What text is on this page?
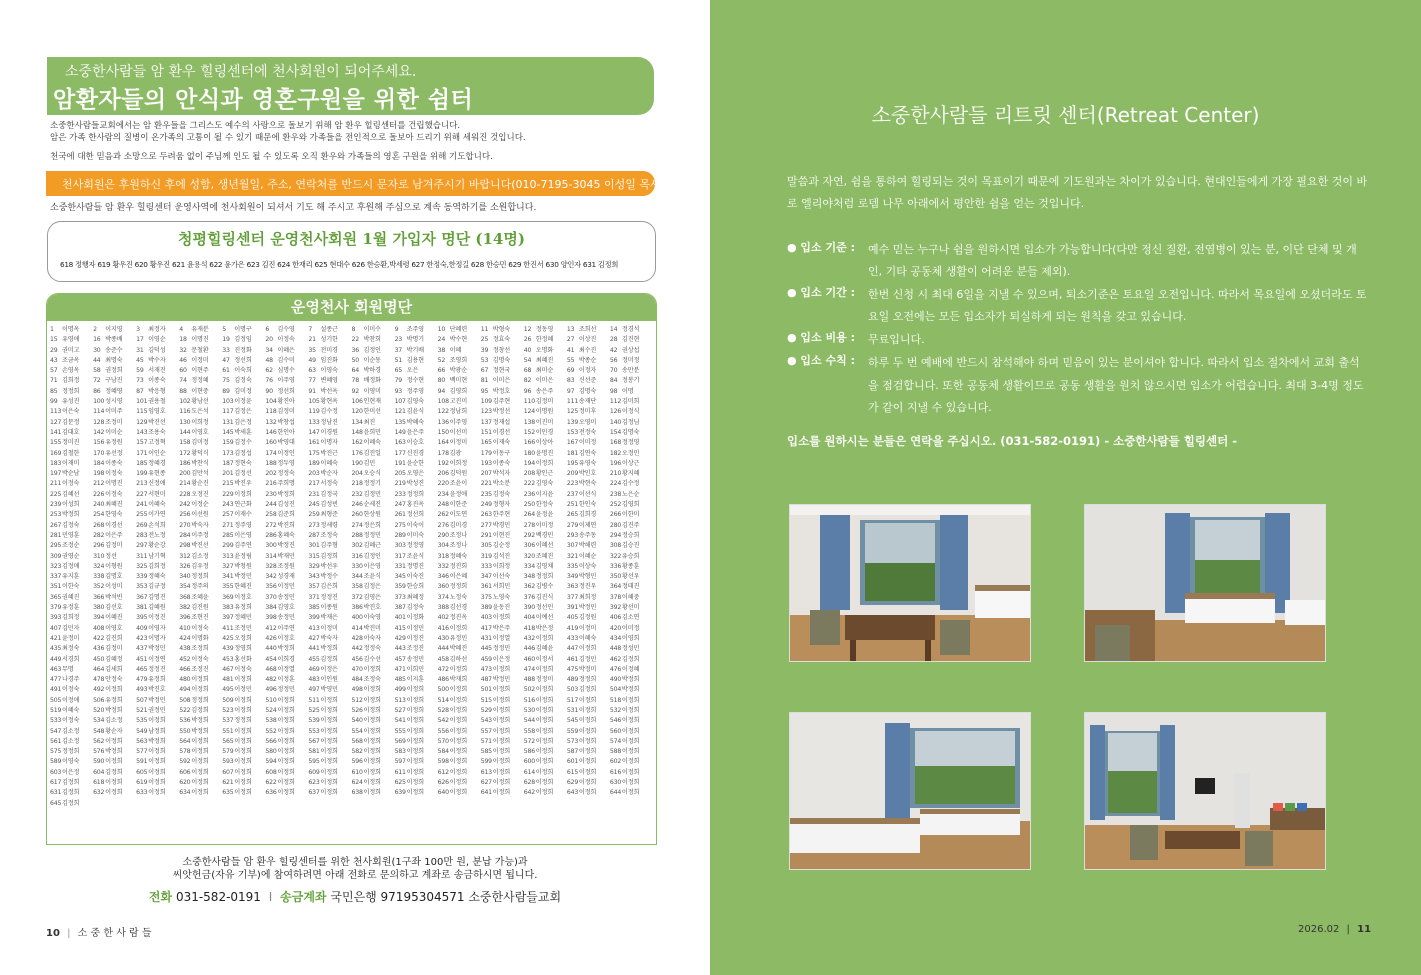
소중한사람들 암 환우 힐링센터에 천사회원이 되어주세요.
암환자들의 안식과 영혼구원을 위한 쉼터
소중한사람들교회에서는 암 환우들을 그리스도 예수의 사랑으로 돌보기 위해 암 환우 힐링센터를 건립했습니다.
암은 가족 한사람의 질병이 온가족의 고통이 될 수 있기 때문에 환우와 가족들을 전인적으로 돌보아 드리기 위해 세워진 것입니다.
천국에 대한 믿음과 소망으로 두려움 없이 주님께 인도 될 수 있도록 오직 환우와 가족들의 영혼 구원을 위해 기도합니다.
천사회원은 후원하신 후에 성함, 생년월일, 주소, 연락처를 반드시 문자로 남겨주시기 바랍니다(010-7195-3045 이성일 목사).
소중한사람들 암 환우 힐링센터 운영사역에 천사회원이 되셔서 기도 해 주시고 후원해 주심으로 계속 동역하기를 소원합니다.
청평힐링센터 운영천사회원 1월 가입자 명단 (14명)
618 정행자 619 황우진 620 황우진 621 윤용석 622 윤가은 623 김진 624 한재리 625 현대수 626 한승환,박세령 627 한정숙,한정길 628 한승민 629 한진서 630 양인자 631 김정희
운영천사 회원명단
1 이명옥	2 이지영	3 최정자	4 유재분	5 이명구	6 김수영	7 설종근	8 이미수	9 조주영	10 단혜련	11 박형숙	12 정동영	13 조희선	14 정경석
15 유영애	16 박종배	17 이영순	18 이명진	19 김정임	20 이정숙	21 성기한	22 박찬희	23 박명기	24 박수현	25 정효숙	26 한정혜	27 이상진	28 김진현
29 권미고	30 송준수	31 김덕성	32 문철환	33 진정화	34 이혜은	35 전미경	36 김정인	37 박기배	38 이혜	39 정창선	40 오명화	41 최수진	42 권상섭
43 조금옥	44 최명숙	45 박수자	46 이정미	47 정선희	48 김수미	49 임진화	50 이순동	51 김용현	52 조영희	53 김명숙	54 최혜진	55 박종순	56 정미정
57 손영옥	58 권정희	59 서재진	60 이현주	61 이숙희	62 심명수	63 이영숙	64 박하경	65 오은	66 박광순	67 정현국	68 최미순	69 이정자	70 송만분
71 김희정	72 구남진	73 이종숙	74 정정혜	75 김정숙	76 이주영	77 변혜영	78 배정화	79 정수현	80 백미현	81 이미은	82 이미은	83 신선준	84 정봉기
85 정정희	86 정혜영	87 박응형	88 이현중	89 김미정	90 정선희	91 박선옥	92 이영미	93 정주영	94 김영희	95 박정호	96 송은주	97 김명숙	98 이명
99 유성진	100성시영	101권용철	102황남선	103이정윤	104황진아	105황현옥	106인현재	107김영숙	108고진미	109김주현	110김정미	111송재단	112김미희
113이은숙	114이미주	115임영호	116도은석	117김정은	118김정미	119김수정	120한미선	121김윤식	122정남희	123박정선	124이명원	125정미후	126이정식
127김문정	128조정미	129박진선	130이희정	131김은정	132박창섭	133정남진	134최진	135박혜숙	136이주영	137정재섭	138이진미	139오영미	140김정님
141김대호	142이미순	143조용숙	144이영호	145박세훈	146한인아	147이경원	148윤희민	149윤은주	150이선미	151이경선	152이민경	153전정숙	154김명숙
155정미진	156유정원	157고정혁	158김미정	159김정수	160박영대	161이명자	162이혜숙	163이승호	164이정미	165이재숙	166이상아	167이미정	168정정영
169김철한	170유선정	171이인순	172황덕식	173김정섭	174이정인	175박진근	176김진일	177신진경	178김광	179이동구	180윤명진	181김연숙	182오정민
183이재미	184이종숙	185정혜경	186박찬식	187정현숙	188정두영	189이혜숙	190김민	191윤순한	192이희정	193이종숙	194이정희	195유영숙	196이상근
197박순남	198이정숙	199유현종	200김만석	201김정선	202정정숙	203박순자	204오승식	205오영은	206김덕원	207박석자	208황인근	209박인호	210황지혜
211이정숙	212이명진	213신정애	214황순진	215박진우	216주희명	217서정숙	218정정기	219박성진	220조윤이	221박소분	222김영숙	223박현숙	224김수정
225김혜선	226이정숙	227서현미	228오정진	229이정희	230박정희	231김정국	232김정민	233정정희	234윤정애	235김정숙	236이지윤	237이선식	238노은순
239이성희	240최혜진	241이혜숙	242이정순	243연근화	244김성진	245김성빈	246순세진	247홍진옥	248이한준	249정형자	250한정숙	251한인숙	252김영희
253박정희	254한영숙	255이가연	256이선원	257이재수	258김준희	259최형준	260한상원	261정선희	262이도연	263한주현	264윤정윤	265김희경	266이한미
267김정숙	268이경선	269손석희	270박숙자	271정주영	272박진희	273정세령	274정은희	275이숙이	276김미경	277박경민	278이미정	279이제연	280김진주
281민영훈	282이은주	283전노정	284이주정	285이은영	286홍혜숙	287조정숙	288정정민	289이미숙	290조정나	291이현진	292백경민	293송주동	294정승희
295조정순	296김정미	297황순강	298박진선	299김주연	300박정진	301김주형	302김혜근	303정정영	304조정나	305김순정	306이혜선	307박해련	308김승진
309권영순	310정선	311남기혁	312김소정	313윤정림	314박재민	315김정희	316김정인	317조윤식	318정혜숙	319김석진	320조혜진	321이혜순	322유승희
323김정매	324이형원	325김희정	326김우정	327박청원	328조정원	329박선우	330이은영	331정명진	332정진희	333이희정	334김영채	335이상숙	336황종훈
337유지훈	338김명호	339정혜숙	340정정희	341박정민	342성경재	343박정수	344조윤식	345이숙진	346이은혜	347이선숙	348정정희	349박형민	350황선우
351이한숙	352이성미	353김규정	354정주의	355한혜진	356이정민	357김은희	358김정은	359한승희	360정정희	361서희민	362김병수	363정진우	364정태진
365권혜진	366박석빈	367김명진	368조혜윤	369이정호	370송정민	371정정진	372김영은	373최혜정	374노정숙	375노영숙	376김진식	377최희정	378이혜중
379유정훈	380김선호	381김혜원	382김진원	383유정희	384김영호	385이종원	386박진호	387김정숙	388김선경	389윤동진	390정선민	391박정민	392황선미
393김희정	394이혜진	395이정진	396조현진	397정혜민	398송정민	399박재은	400이숙영	401이정화	402정진옥	403이정희	404이예선	405김정원	406김소연
407김민자	408이영호	409이영자	410이정숙	411조정민	412이주연	413이정미	414박진미	415이정민	416이정희	417박은주	418박은정	419이정미	420이미정
421윤정미	422김진희	423이명자	424이명화	425오정희	426이정호	427박숙자	428이숙자	429이정진	430유정민	431이정열	432이정희	433이혜숙	434이영희
435최정숙	436김정미	437박정민	438조정희	439정영희	440박정희	441박정희	442정정숙	443조정진	444박혜진	445정정민	446김혜윤	447이정희	448정성민
449서경희	450김혜정	451이정연	452이정숙	453홍선화	454이희경	455김정희	456김수선	457송정민	458김하선	459이은정	460이정서	461김정민	462김정희
463무명	464김세희	465정정진	466조정진	467이정숙	468이정열	469이정은	470이정희	471이희민	472이정희	473이정희	474이정희	475박정미	476이정혜
477나경주	478안정숙	479유정희	480이정희	481이정희	482이정훈	483이인원	484조정숙	485이지훈	486박재희	487박정민	488정정미	489정정희	490박정희
491이정숙	492이정희	493박진호	494이정희	495이정민	496정정민	497박영민	498이정희	499이정희	500이정희	501이정희	502이정희	503김정희	504박정희
505이정애	506유정희	507박정민	508정정희	509이정희	510이정희	511이정희	512이정희	513이정희	514이정희	515이정희	516이정희	517이정희	518이정희
519이혜숙	520박정희	521권정민	522김정희	523이정희	524이정희	525이정희	526이정희	527이정희	528이정희	529이정희	530이정희	531이정희	532이정희
533이정숙	534김소정	535이정희	536박정희	537정정희	538이정희	539이정희	540이정희	541이정희	542이정희	543이정희	544이정희	545이정희	546이정희
547김소정	548황순자	549남정희	550박정희	551이정희	552이정희	553이정희	554이정희	555이정희	556이정희	557이정희	558이정희	559이정희	560이정희
561김소정	562이정희	563박정희	564이정희	565이정희	566이정희	567이정희	568이정희	569이정희	570이정희	571이정희	572이정희	573이정희	574이정희
575정정희	576박정희	577이정희	578이정희	579이정희	580이정희	581이정희	582이정희	583이정희	584이정희	585이정희	586이정희	587이정희	588이정희
589이영숙	590이정희	591이정희	592이정희	593이정희	594이정희	595이정희	596이정희	597이정희	598이정희	599이정희	600이정희	601이정희	602이정희
603이은정	604김정희	605이정희	606이정희	607이정희	608이정희	609이정희	610이정희	611이정희	612이정희	613이정희	614이정희	615이정희	616이정희
617김정희	618이정희	619이정희	620이정희	621이정희	622이정희	623이정희	624이정희	625이정희	626이정희	627이정희	628이정희	629이정희	630이정희
631김정희	632이정희	633이정희	634이정희	635이정희	636이정희	637이정희	638이정희	639이정희	640이정희	641이정희	642이정희	643이정희	644이정희
645김정희
소중한사람들 암 환우 힐링센터를 위한 천사회원(1구좌 100만 원, 분납 가능)과
씨앗헌금(자유 기부)에 참여하려면 아래 전화로 문의하고 계좌로 송금하시면 됩니다.
전화 031-582-0191 I 송금계좌 국민은행 97195304571 소중한사람들교회
10 | 소 중 한 사 람 들
소중한사람들 리트릿 센터(Retreat Center)
말씀과 자연, 쉼을 통하여 힐링되는 것이 목표이기 때문에 기도원과는 차이가 있습니다. 현대인들에게 가장 필요한 것이 바
로 엘리야처럼 로뎀 나무 아래에서 평안한 쉼을 얻는 것입니다.
● 입소 기준 : 예수 믿는 누구나 쉼을 원하시면 입소가 가능합니다(다만 정신 질환, 전염병이 있는 분, 이단 단체 및 개
인, 기타 공동체 생활이 어려운 분들 제외).
● 입소 기간 : 한번 신청 시 최대 6일을 지낼 수 있으며, 퇴소기준은 토요일 오전입니다. 따라서 목요일에 오셨더라도 토
요일 오전에는 모든 입소자가 퇴실하게 되는 원칙을 갖고 있습니다.
● 입소 비용 : 무료입니다.
● 입소 수칙 : 하루 두 번 예배에 반드시 참석해야 하며 믿음이 있는 분이셔야 합니다. 따라서 입소 절차에서 교회 출석
을 점검합니다. 또한 공동체 생활이므로 공동 생활을 원치 않으시면 입소가 어렵습니다. 최대 3-4명 정도
가 같이 지낼 수 있습니다.
입소를 원하시는 분들은 연락을 주십시오. (031-582-0191) - 소중한사람들 힐링센터 -
2026.02 | 11
